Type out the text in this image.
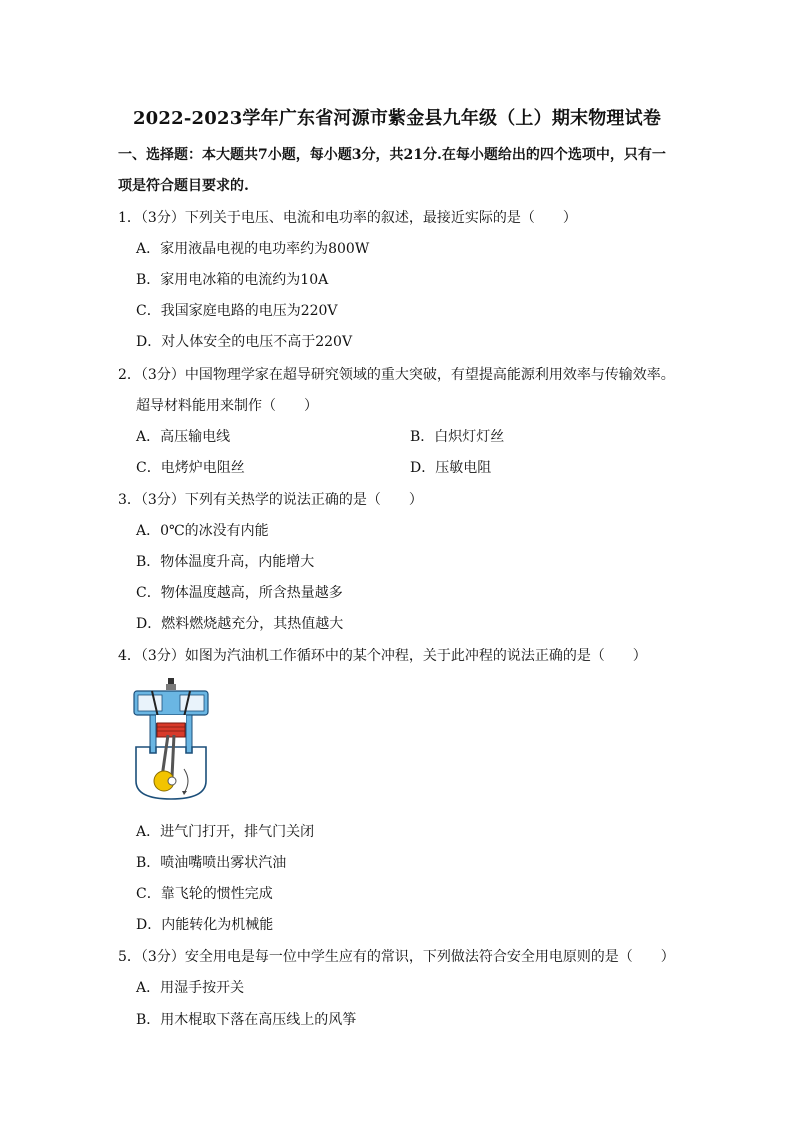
2022-2023学年广东省河源市紫金县九年级（上）期末物理试卷
一、选择题：本大题共7小题，每小题3分，共21分.在每小题给出的四个选项中，只有一
项是符合题目要求的.
1．（3分）下列关于电压、电流和电功率的叙述，最接近实际的是（　　）
A．家用液晶电视的电功率约为800W
B．家用电冰箱的电流约为10A
C．我国家庭电路的电压为220V
D．对人体安全的电压不高于220V
2．（3分）中国物理学家在超导研究领域的重大突破，有望提高能源利用效率与传输效率。
超导材料能用来制作（　　）
A．高压输电线	B．白炽灯灯丝
C．电烤炉电阻丝	D．压敏电阻
3．（3分）下列有关热学的说法正确的是（　　）
A．0℃的冰没有内能
B．物体温度升高，内能增大
C．物体温度越高，所含热量越多
D．燃料燃烧越充分，其热值越大
4．（3分）如图为汽油机工作循环中的某个冲程，关于此冲程的说法正确的是（　　）
A．进气门打开，排气门关闭
B．喷油嘴喷出雾状汽油
C．靠飞轮的惯性完成
D．内能转化为机械能
5．（3分）安全用电是每一位中学生应有的常识，下列做法符合安全用电原则的是（　　）
A．用湿手按开关
B．用木棍取下落在高压线上的风筝
